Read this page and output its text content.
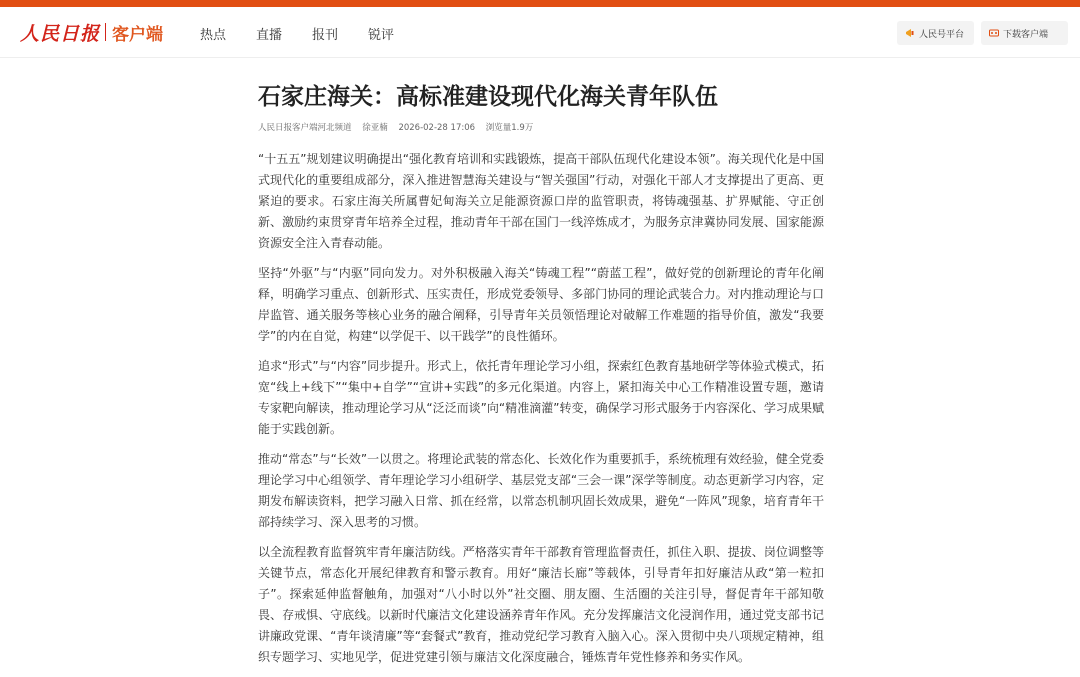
人民日报 客户端	热点 直播 报刊 锐评	人民号平台	下载客户端
石家庄海关：高标准建设现代化海关青年队伍
人民日报客户端河北频道 徐亚楠 2026-02-28 17:06 浏览量1.9万

“十五五”规划建议明确提出“强化教育培训和实践锻炼，提高干部队伍现代化建设本领”。海关现代化是中国式现代化的重要组成部分，深入推进智慧海关建设与“智关强国”行动，对强化干部人才支撑提出了更高、更紧迫的要求。石家庄海关所属曹妃甸海关立足能源资源口岸的监管职责，将铸魂强基、扩界赋能、守正创新、激励约束贯穿青年培养全过程，推动青年干部在国门一线淬炼成才，为服务京津冀协同发展、国家能源资源安全注入青春动能。

坚持“外驱”与“内驱”同向发力。对外积极融入海关“铸魂工程”“蔚蓝工程”，做好党的创新理论的青年化阐释，明确学习重点、创新形式、压实责任，形成党委领导、多部门协同的理论武装合力。对内推动理论与口岸监管、通关服务等核心业务的融合阐释，引导青年关员领悟理论对破解工作难题的指导价值，激发“我要学”的内在自觉，构建“以学促干、以干践学”的良性循环。

追求“形式”与“内容”同步提升。形式上，依托青年理论学习小组，探索红色教育基地研学等体验式模式，拓宽“线上+线下”“集中+自学”“宣讲+实践”的多元化渠道。内容上，紧扣海关中心工作精准设置专题，邀请专家靶向解读，推动理论学习从“泛泛而谈”向“精准滴灌”转变，确保学习形式服务于内容深化、学习成果赋能于实践创新。

推动“常态”与“长效”一以贯之。将理论武装的常态化、长效化作为重要抓手，系统梳理有效经验，健全党委理论学习中心组领学、青年理论学习小组研学、基层党支部“三会一课”深学等制度。动态更新学习内容，定期发布解读资料，把学习融入日常、抓在经常，以常态机制巩固长效成果，避免“一阵风”现象，培育青年干部持续学习、深入思考的习惯。

以全流程教育监督筑牢青年廉洁防线。严格落实青年干部教育管理监督责任，抓住入职、提拔、岗位调整等关键节点，常态化开展纪律教育和警示教育。用好“廉洁长廊”等载体，引导青年扣好廉洁从政“第一粒扣子”。探索延伸监督触角，加强对“八小时以外”社交圈、朋友圈、生活圈的关注引导，督促青年干部知敬畏、存戒惧、守底线。以新时代廉洁文化建设涵养青年作风。充分发挥廉洁文化浸润作用，通过党支部书记讲廉政党课、“青年谈清廉”等“套餐式”教育，推动党纪学习教育入脑入心。深入贯彻中央八项规定精神，组织专题学习、实地见学，促进党建引领与廉洁文化深度融合，锤炼青年党性修养和务实作风。
